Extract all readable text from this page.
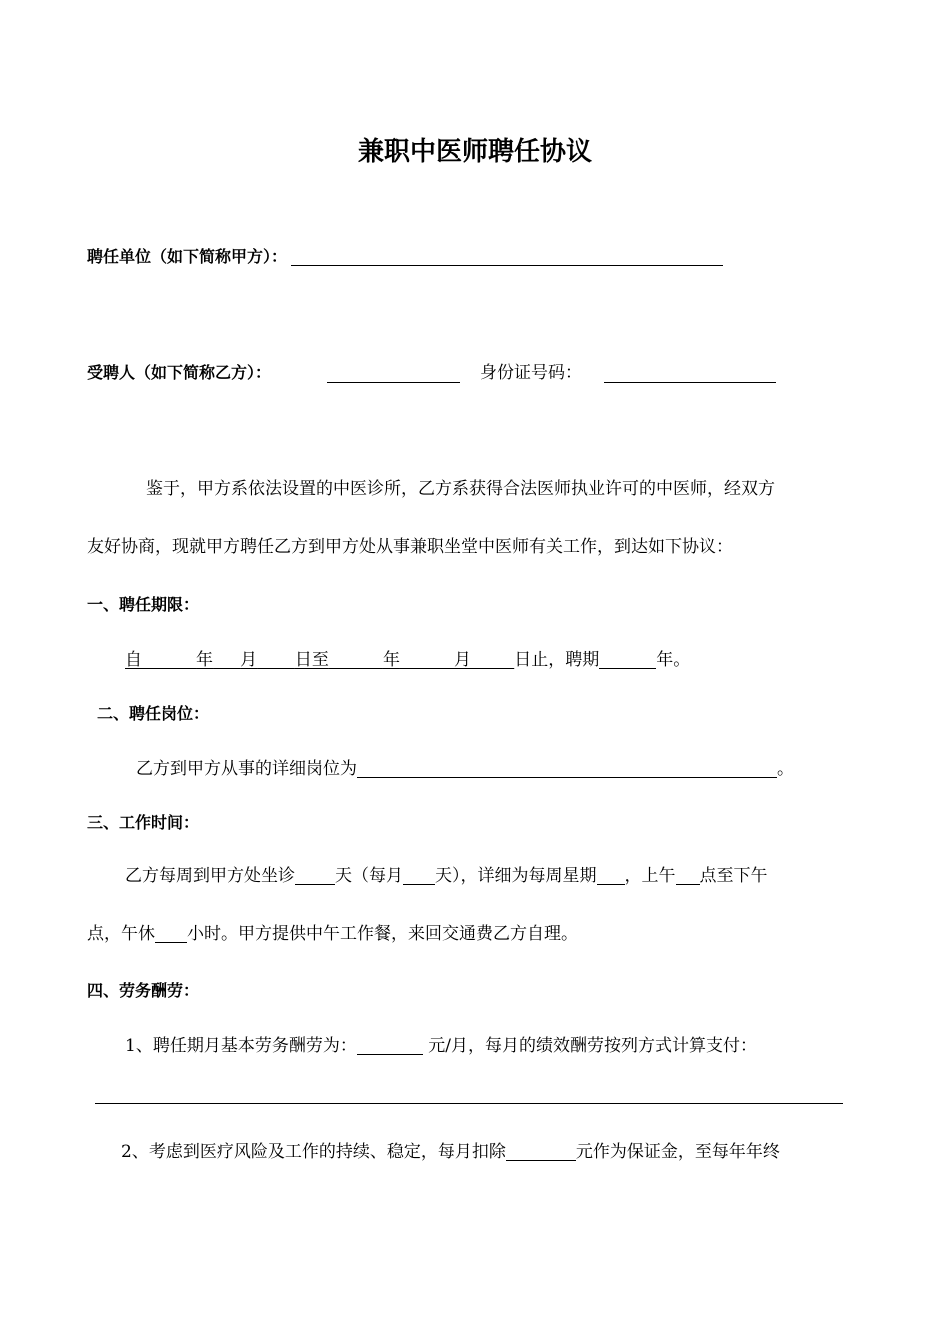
兼职中医师聘任协议
聘任单位（如下简称甲方）：
受聘人（如下简称乙方）：	身份证号码：
鉴于，甲方系依法设置的中医诊所，乙方系获得合法医师执业许可的中医师，经双方
友好协商，现就甲方聘任乙方到甲方处从事兼职坐堂中医师有关工作，到达如下协议：
一、聘任期限：
自	年 月 日至	年	月	日止，聘期	年。
二、聘任岗位：
乙方到甲方从事的详细岗位为	。
三、工作时间：
乙方每周到甲方处坐诊 天（每月 天），详细为每周星期 ，上午 点至下午
点，午休 小时。甲方提供中午工作餐，来回交通费乙方自理。
四、劳务酬劳：
1、聘任期月基本劳务酬劳为：	元/月，每月的绩效酬劳按列方式计算支付：
2、考虑到医疗风险及工作的持续、稳定，每月扣除	元作为保证金，至每年年终
